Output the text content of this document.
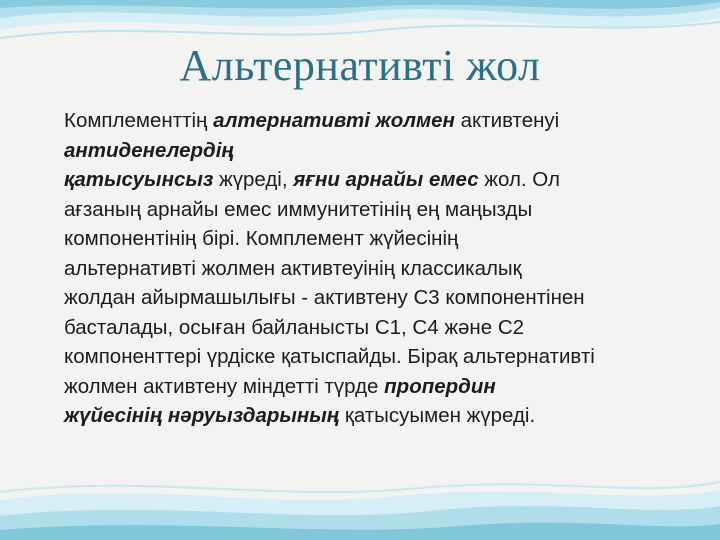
Альтернативті жол
Комплементтің алтернативті жолмен активтенуі
антиденелердің
қатысуынсыз жүреді, яғни арнайы емес жол. Ол
ағзаның арнайы емес иммунитетінің ең маңызды
компонентінің бірі. Комплемент жүйесінің
альтернативті жолмен активтеуінің классикалық
жолдан айырмашылығы - активтену С3 компонентінен
басталады, осыған байланысты С1, С4 және С2
компоненттері үрдіске қатыспайды. Бірақ альтернативті
жолмен активтену міндетті түрде пропердин
жүйесінің нәруыздарының қатысуымен жүреді.
